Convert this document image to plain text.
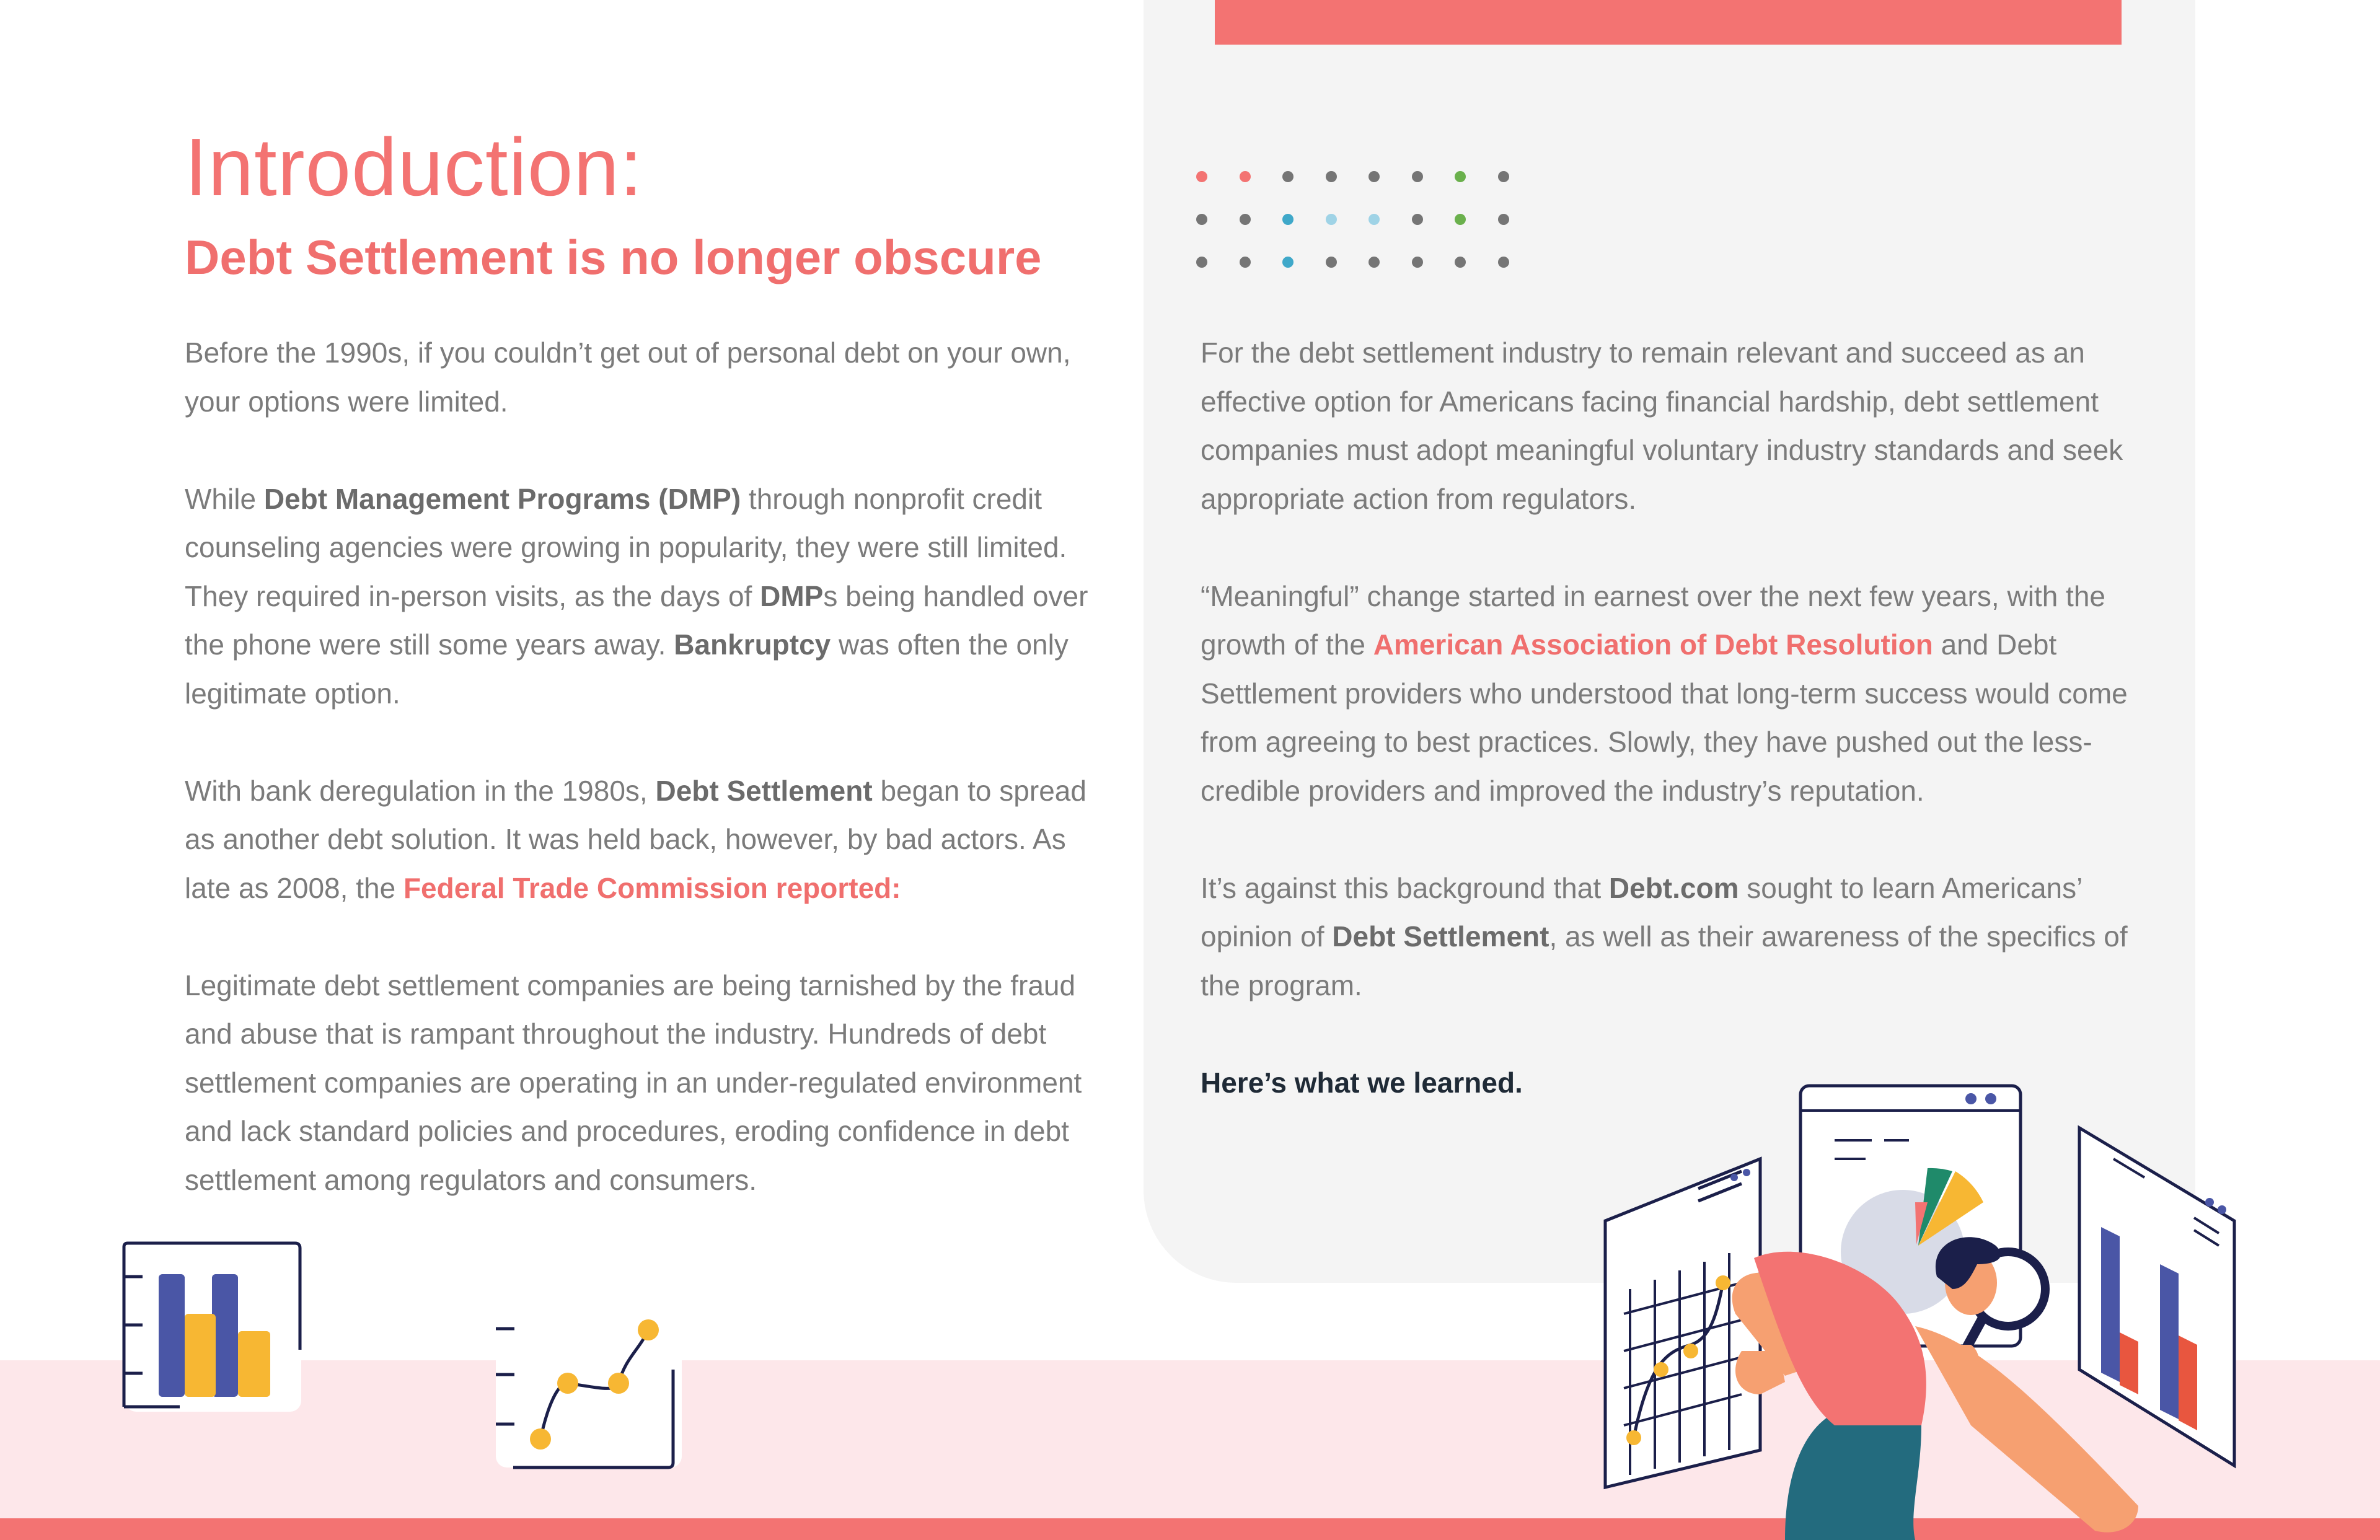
Introduction:
Debt Settlement is no longer obscure

Before the 1990s, if you couldn’t get out of personal debt on your own, your options were limited.

While Debt Management Programs (DMP) through nonprofit credit counseling agencies were growing in popularity, they were still limited. They required in-person visits, as the days of DMPs being handled over the phone were still some years away. Bankruptcy was often the only legitimate option.

With bank deregulation in the 1980s, Debt Settlement began to spread as another debt solution. It was held back, however, by bad actors. As late as 2008, the Federal Trade Commission reported:

Legitimate debt settlement companies are being tarnished by the fraud and abuse that is rampant throughout the industry. Hundreds of debt settlement companies are operating in an under-regulated environment and lack standard policies and procedures, eroding confidence in debt settlement among regulators and consumers.

For the debt settlement industry to remain relevant and succeed as an effective option for Americans facing financial hardship, debt settlement companies must adopt meaningful voluntary industry standards and seek appropriate action from regulators.

“Meaningful” change started in earnest over the next few years, with the growth of the American Association of Debt Resolution and Debt Settlement providers who understood that long-term success would come from agreeing to best practices. Slowly, they have pushed out the less-credible providers and improved the industry’s reputation.

It’s against this background that Debt.com sought to learn Americans’ opinion of Debt Settlement, as well as their awareness of the specifics of the program.

Here’s what we learned.
